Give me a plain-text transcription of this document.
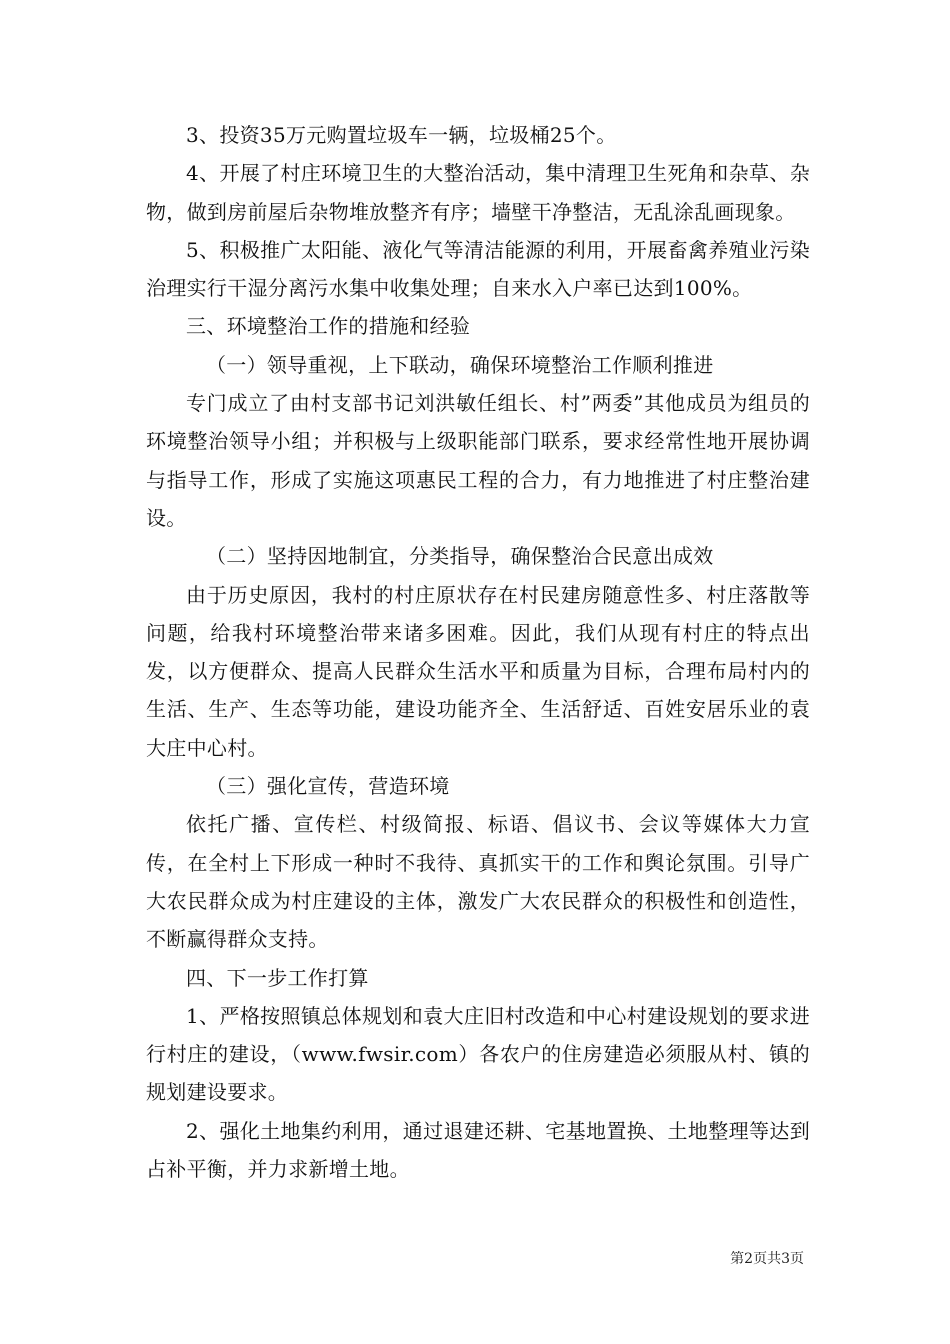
3、投资35万元购置垃圾车一辆，垃圾桶25个。

4、开展了村庄环境卫生的大整治活动，集中清理卫生死角和杂草、杂物，做到房前屋后杂物堆放整齐有序；墙壁干净整洁，无乱涂乱画现象。

5、积极推广太阳能、液化气等清洁能源的利用，开展畜禽养殖业污染治理实行干湿分离污水集中收集处理；自来水入户率已达到100%。

三、环境整治工作的措施和经验

（一）领导重视，上下联动，确保环境整治工作顺利推进

专门成立了由村支部书记刘洪敏任组长、村”两委”其他成员为组员的环境整治领导小组；并积极与上级职能部门联系，要求经常性地开展协调与指导工作，形成了实施这项惠民工程的合力，有力地推进了村庄整治建设。

（二）坚持因地制宜，分类指导，确保整治合民意出成效

由于历史原因，我村的村庄原状存在村民建房随意性多、村庄落散等问题，给我村环境整治带来诸多困难。因此，我们从现有村庄的特点出发，以方便群众、提高人民群众生活水平和质量为目标，合理布局村内的生活、生产、生态等功能，建设功能齐全、生活舒适、百姓安居乐业的袁大庄中心村。

（三）强化宣传，营造环境

依托广播、宣传栏、村级简报、标语、倡议书、会议等媒体大力宣传，在全村上下形成一种时不我待、真抓实干的工作和舆论氛围。引导广大农民群众成为村庄建设的主体，激发广大农民群众的积极性和创造性，不断赢得群众支持。

四、下一步工作打算

1、严格按照镇总体规划和袁大庄旧村改造和中心村建设规划的要求进行村庄的建设，（www.fwsir.com）各农户的住房建造必须服从村、镇的规划建设要求。

2、强化土地集约利用，通过退建还耕、宅基地置换、土地整理等达到占补平衡，并力求新增土地。

第2页共3页
